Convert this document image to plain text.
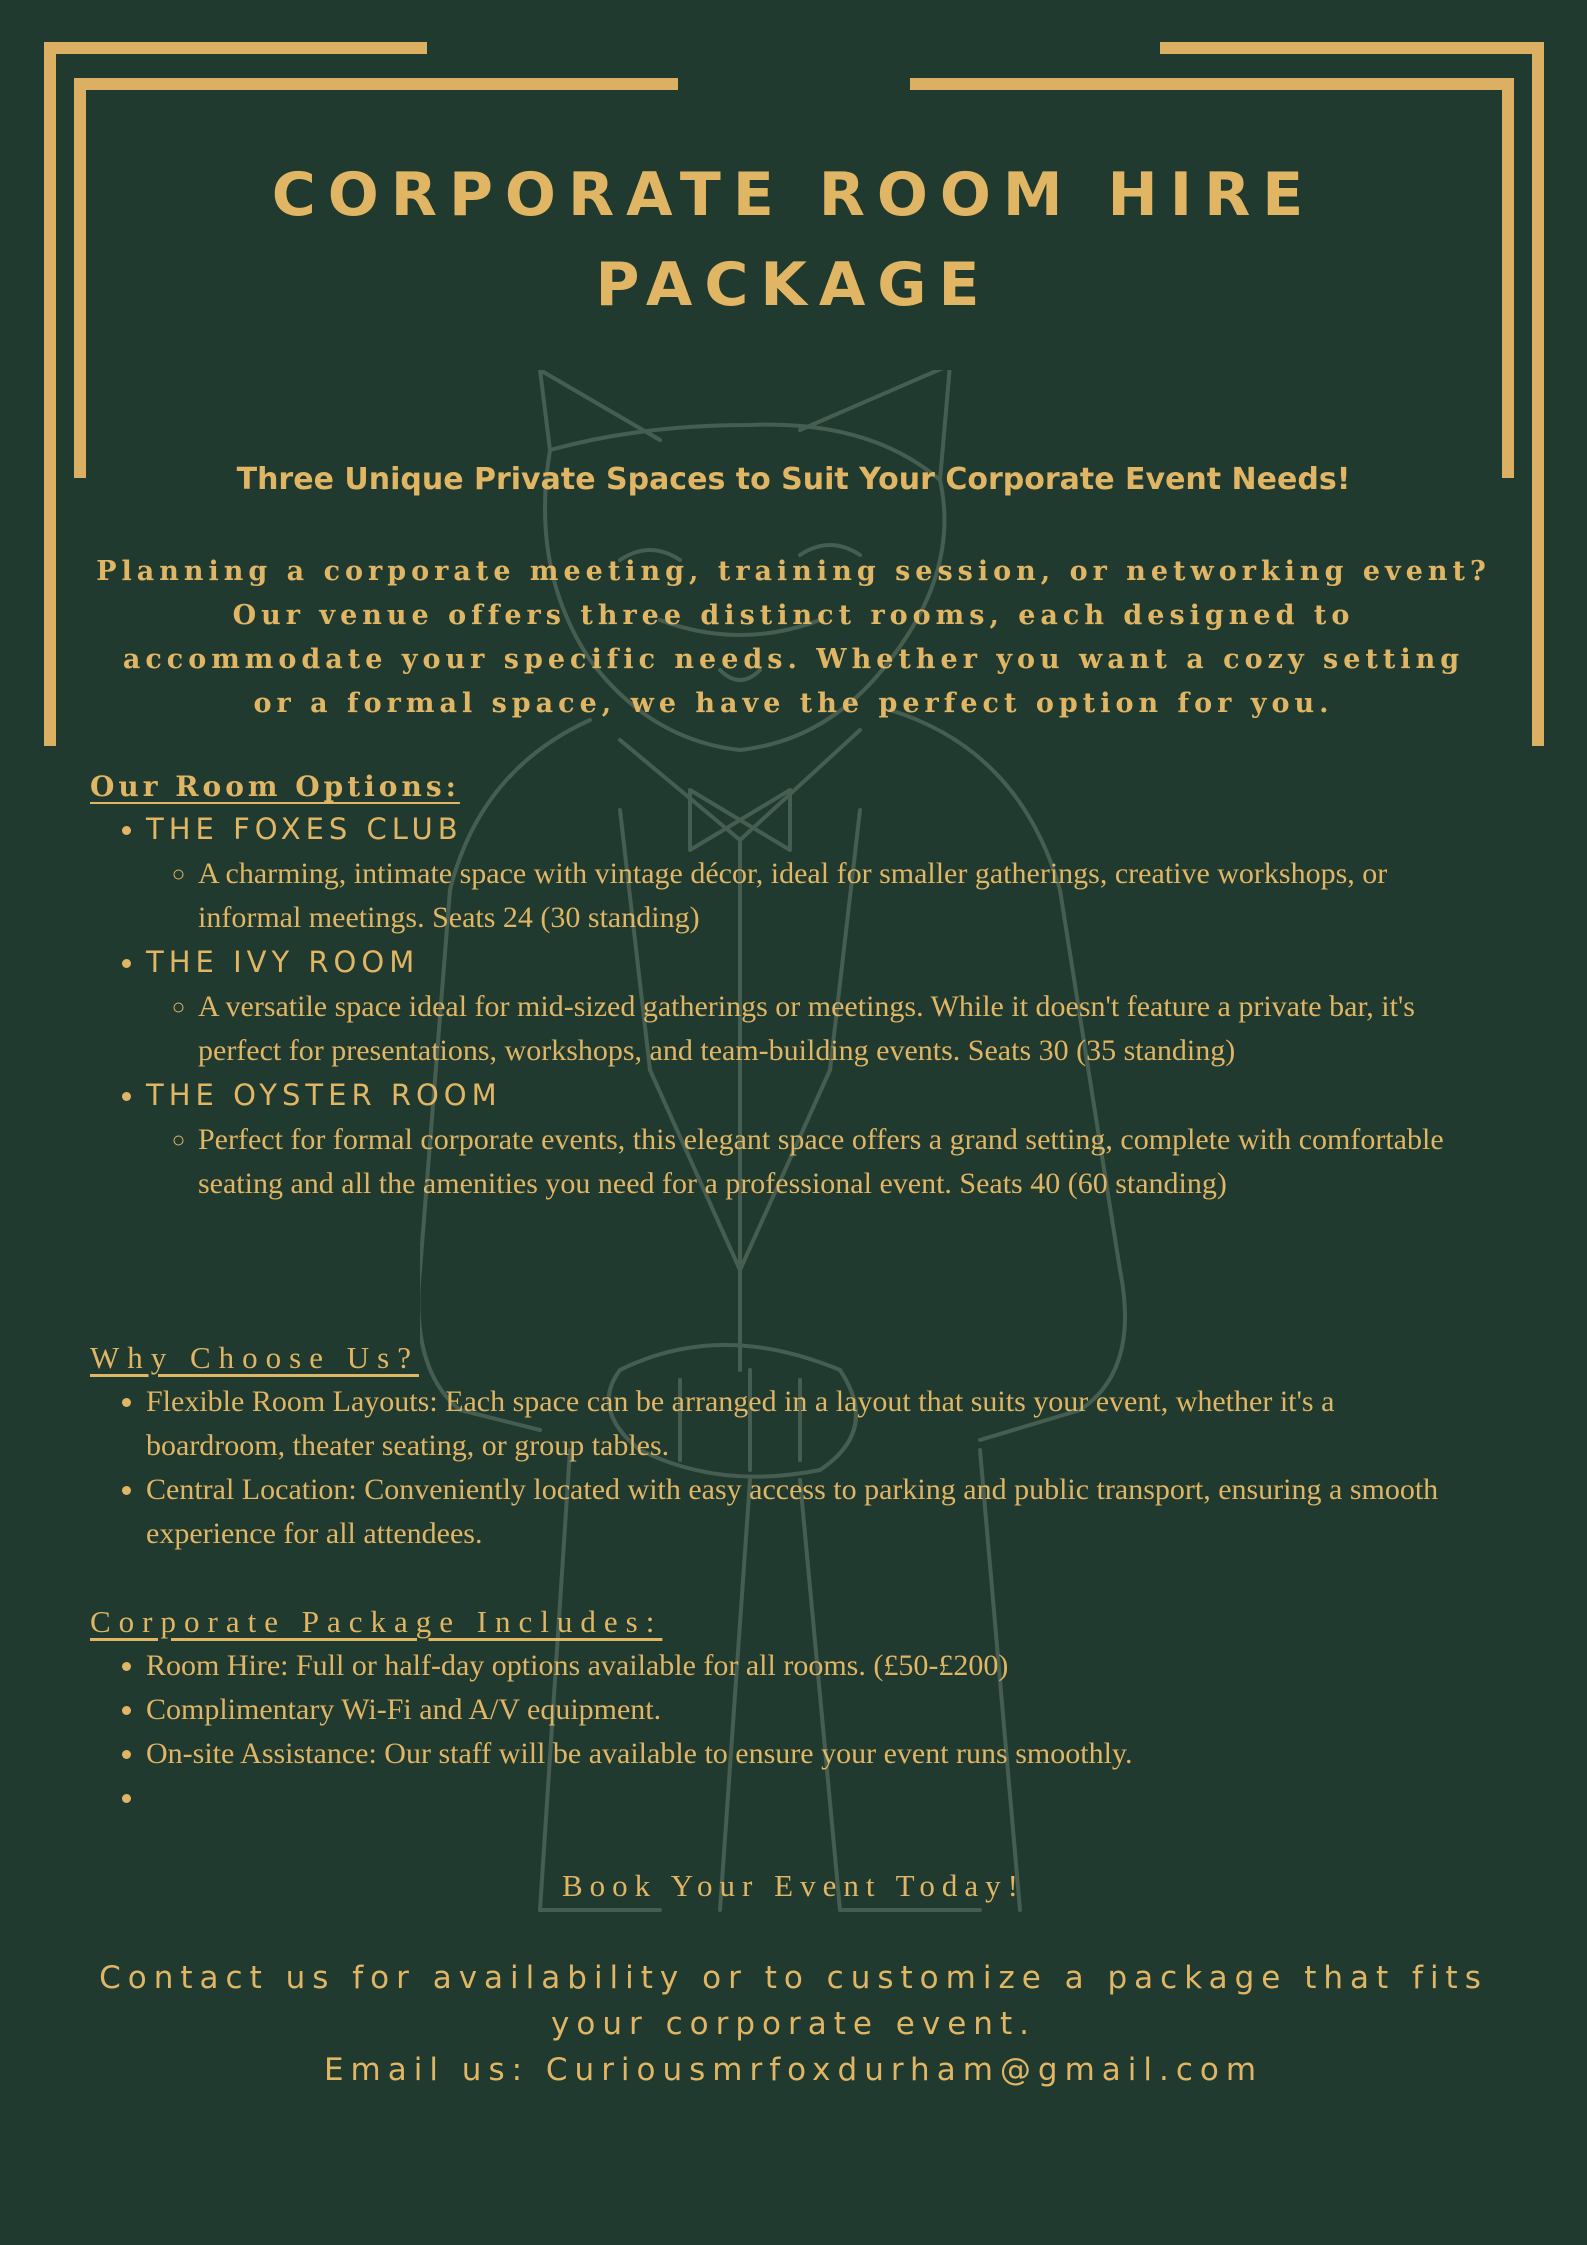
CORPORATE ROOM HIRE PACKAGE
Three Unique Private Spaces to Suit Your Corporate Event Needs!
Planning a corporate meeting, training session, or networking event? Our venue offers three distinct rooms, each designed to accommodate your specific needs. Whether you want a cozy setting or a formal space, we have the perfect option for you.
Our Room Options:
• THE FOXES CLUB
◦ A charming, intimate space with vintage décor, ideal for smaller gatherings, creative workshops, or informal meetings. Seats 24 (30 standing)
• THE IVY ROOM
◦ A versatile space ideal for mid-sized gatherings or meetings. While it doesn't feature a private bar, it's perfect for presentations, workshops, and team-building events. Seats 30 (35 standing)
• THE OYSTER ROOM
◦ Perfect for formal corporate events, this elegant space offers a grand setting, complete with comfortable seating and all the amenities you need for a professional event. Seats 40 (60 standing)
Why Choose Us?
• Flexible Room Layouts: Each space can be arranged in a layout that suits your event, whether it's a boardroom, theater seating, or group tables.
• Central Location: Conveniently located with easy access to parking and public transport, ensuring a smooth experience for all attendees.
Corporate Package Includes:
• Room Hire: Full or half-day options available for all rooms. (£50-£200)
• Complimentary Wi-Fi and A/V equipment.
• On-site Assistance: Our staff will be available to ensure your event runs smoothly.
•
Book Your Event Today!
Contact us for availability or to customize a package that fits your corporate event.
Email us: Curiousmrfoxdurham@gmail.com
